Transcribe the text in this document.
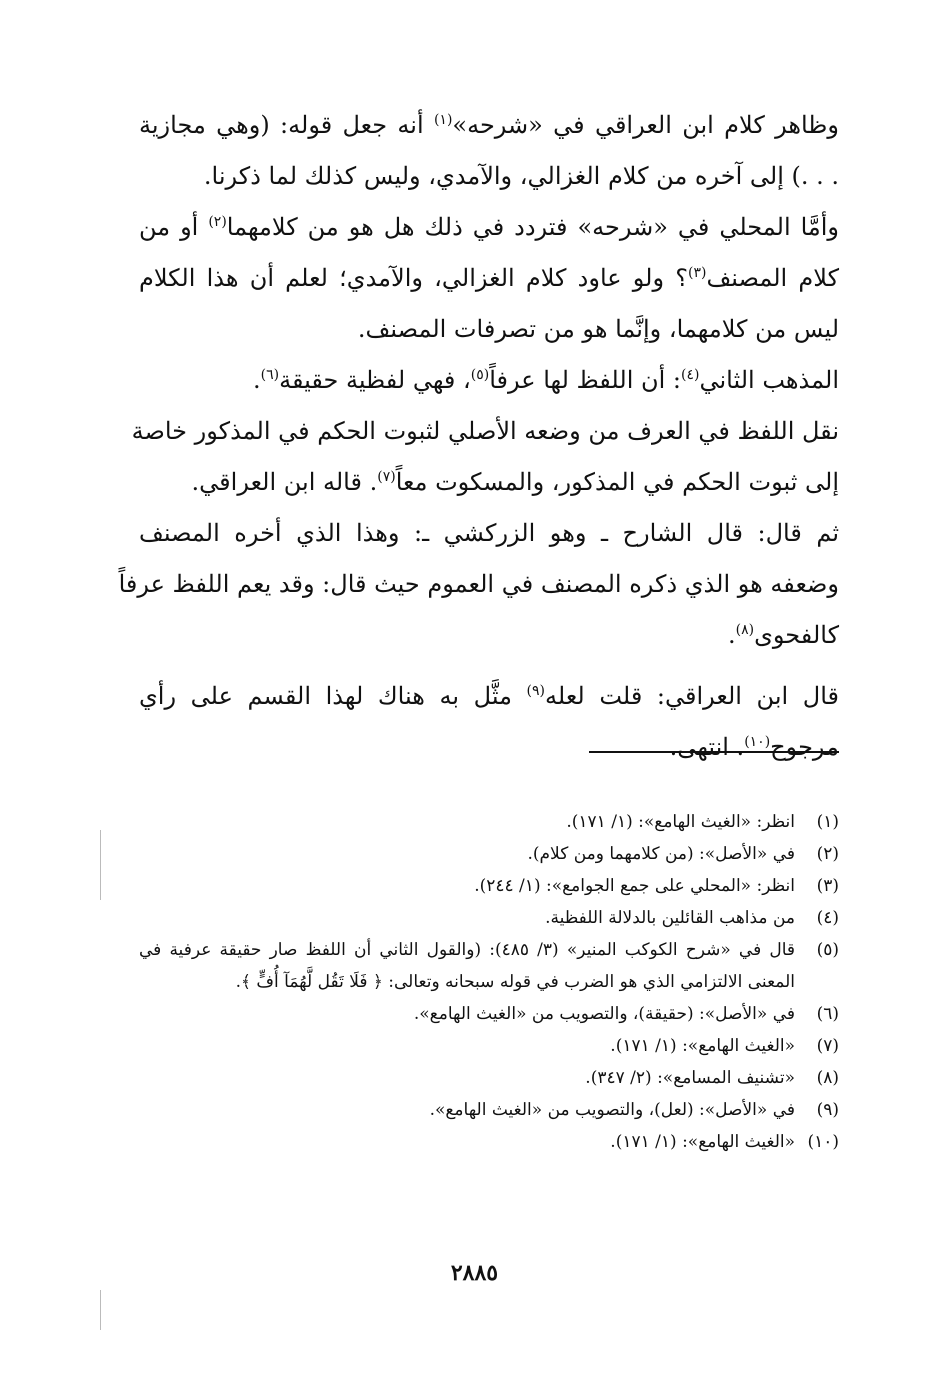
وظاهر كلام ابن العراقي في «شرحه»$^{(١)}$ أنه جعل قوله: (وهي مجازية
. . .) إلى آخره من كلام الغزالي، والآمدي، وليس كذلك لما ذكرنا.
وأمَّا المحلي في «شرحه» فتردد في ذلك هل هو من كلامهما$^{(٢)}$ أو من
كلام المصنف$^{(٣)}$؟ ولو عاود كلام الغزالي، والآمدي؛ لعلم أن هذا الكلام
ليس من كلامهما، وإنَّما هو من تصرفات المصنف.
المذهب الثاني$^{(٤)}$: أن اللفظ لها عرفاً$^{(٥)}$، فهي لفظية حقيقة$^{(٦)}$.
نقل اللفظ في العرف من وضعه الأصلي لثبوت الحكم في المذكور خاصة
إلى ثبوت الحكم في المذكور، والمسكوت معاً$^{(٧)}$. قاله ابن العراقي.
ثم قال: قال الشارح ـ وهو الزركشي ـ: وهذا الذي أخره المصنف
وضعفه هو الذي ذكره المصنف في العموم حيث قال: وقد يعم اللفظ عرفاً
كالفحوى$^{(٨)}$.
قال ابن العراقي: قلت لعله$^{(٩)}$ مثَّل به هناك لهذا القسم على رأي
مرجوح$^{(١٠)}$. انتهى.
(١)
انظر: «الغيث الهامع»: (١/ ١٧١).
(٢)
في «الأصل»: (من كلامهما ومن كلام).
(٣)
انظر: «المحلي على جمع الجوامع»: (١/ ٢٤٤).
(٤)
من مذاهب القائلين بالدلالة اللفظية.
(٥)
قال في «شرح الكوكب المنير» (٣/ ٤٨٥): (والقول الثاني أن اللفظ صار حقيقة عرفية في
المعنى الالتزامي الذي هو الضرب في قوله سبحانه وتعالى: ﴿ فَلَا تَقُل لَّهُمَآ أُفٍّ ﴾.
(٦)
في «الأصل»: (حقيقة)، والتصويب من «الغيث الهامع».
(٧)
«الغيث الهامع»: (١/ ١٧١).
(٨)
«تشنيف المسامع»: (٢/ ٣٤٧).
(٩)
في «الأصل»: (لعل)، والتصويب من «الغيث الهامع».
(١٠)
«الغيث الهامع»: (١/ ١٧١).
٢٨٨٥
